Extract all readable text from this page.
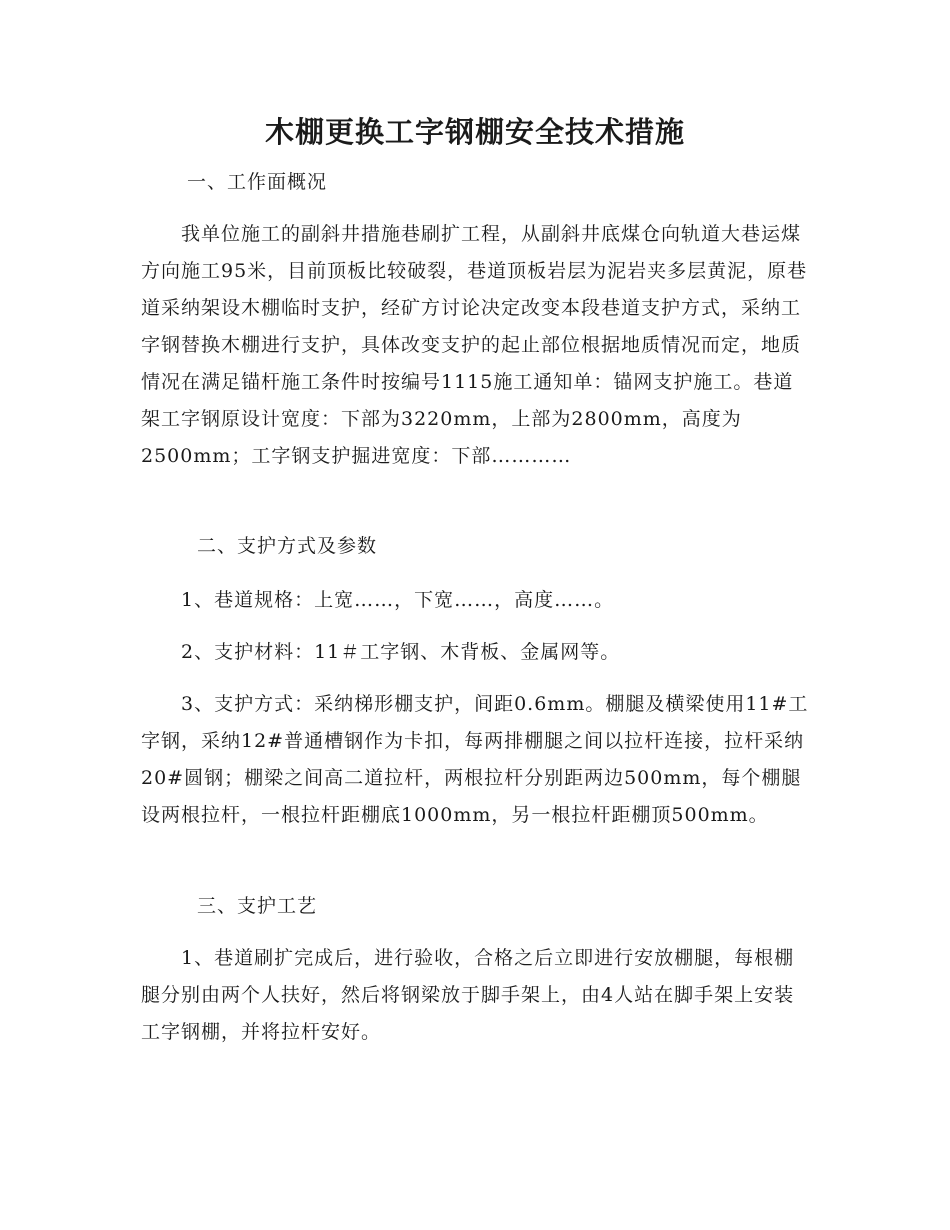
木棚更换工字钢棚安全技术措施

一、工作面概况

我单位施工的副斜井措施巷刷扩工程，从副斜井底煤仓向轨道大巷运煤方向施工95米，目前顶板比较破裂，巷道顶板岩层为泥岩夹多层黄泥，原巷道采纳架设木棚临时支护，经矿方讨论决定改变本段巷道支护方式，采纳工字钢替换木棚进行支护，具体改变支护的起止部位根据地质情况而定，地质情况在满足锚杆施工条件时按编号1115施工通知单：锚网支护施工。巷道架工字钢原设计宽度：下部为3220mm，上部为2800mm，高度为2500mm；工字钢支护掘进宽度：下部…………

二、支护方式及参数

1、巷道规格：上宽……，下宽……，高度……。

2、支护材料：11＃工字钢、木背板、金属网等。

3、支护方式：采纳梯形棚支护，间距0.6mm。棚腿及横梁使用11#工字钢，采纳12#普通槽钢作为卡扣，每两排棚腿之间以拉杆连接，拉杆采纳20#圆钢；棚梁之间高二道拉杆，两根拉杆分别距两边500mm，每个棚腿设两根拉杆，一根拉杆距棚底1000mm，另一根拉杆距棚顶500mm。

三、支护工艺

1、巷道刷扩完成后，进行验收，合格之后立即进行安放棚腿，每根棚腿分别由两个人扶好，然后将钢梁放于脚手架上，由4人站在脚手架上安装工字钢棚，并将拉杆安好。
